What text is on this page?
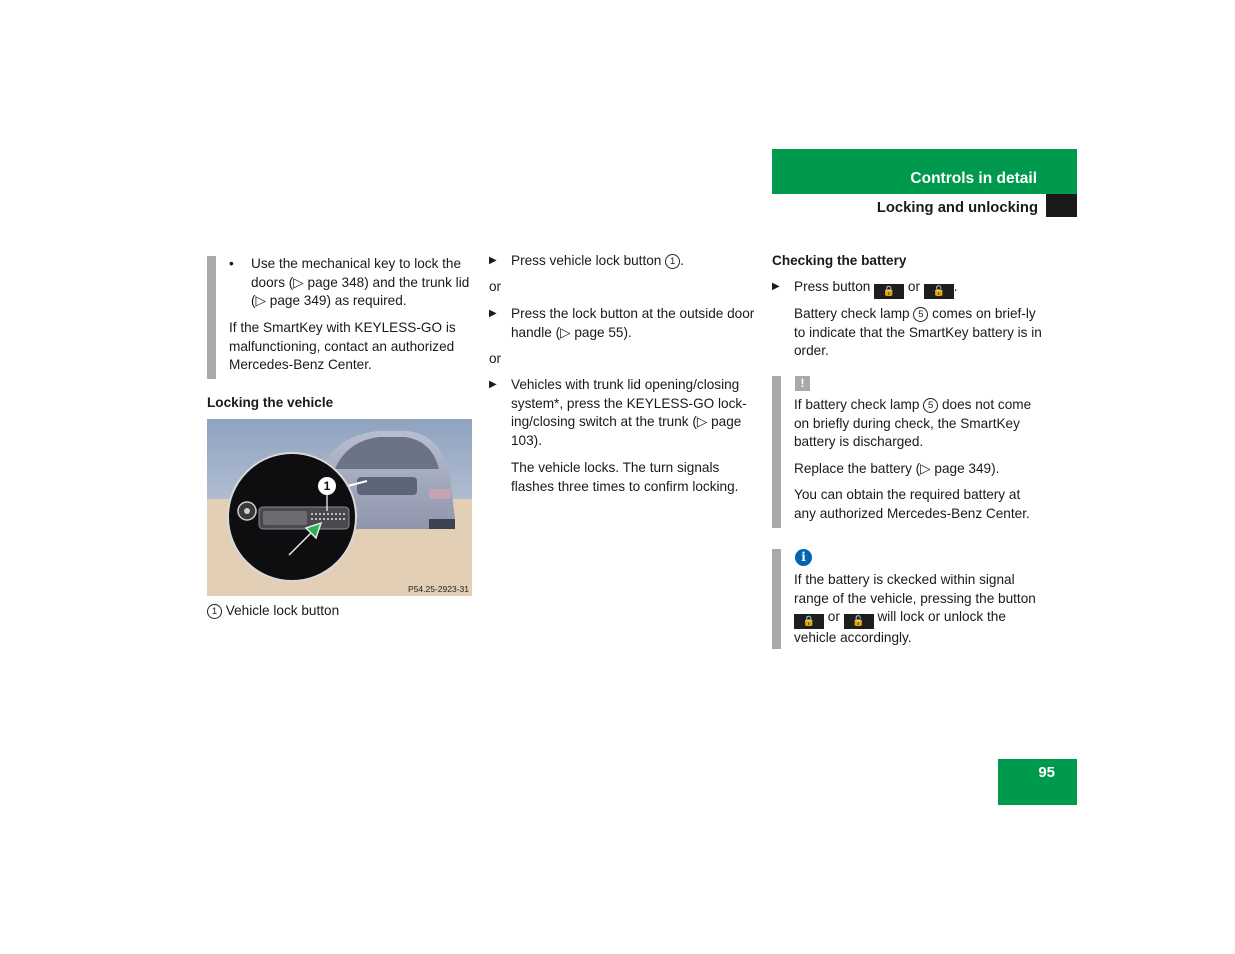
Controls in detail
Locking and unlocking
• Use the mechanical key to lock the doors (▷ page 348) and the trunk lid (▷ page 349) as required.

If the SmartKey with KEYLESS-GO is malfunctioning, contact an authorized Mercedes-Benz Center.

Locking the vehicle

1
P54.25-2923-31

1 Vehicle lock button

▶ Press vehicle lock button 1 .

or

▶ Press the lock button at the outside door handle (▷ page 55).

or

▶ Vehicles with trunk lid opening/closing system*, press the KEYLESS-GO lock-ing/closing switch at the trunk (▷ page 103).

The vehicle locks. The turn signals flashes three times to confirm locking.

Checking the battery

▶ Press button 🔒 or 🔓 .

Battery check lamp 5 comes on brief-ly to indicate that the SmartKey battery is in order.

!

If battery check lamp 5 does not come on briefly during check, the SmartKey battery is discharged.

Replace the battery (▷ page 349).

You can obtain the required battery at any authorized Mercedes-Benz Center.

i

If the battery is ckecked within signal range of the vehicle, pressing the button 🔒 or 🔓 will lock or unlock the vehicle accordingly.

95
